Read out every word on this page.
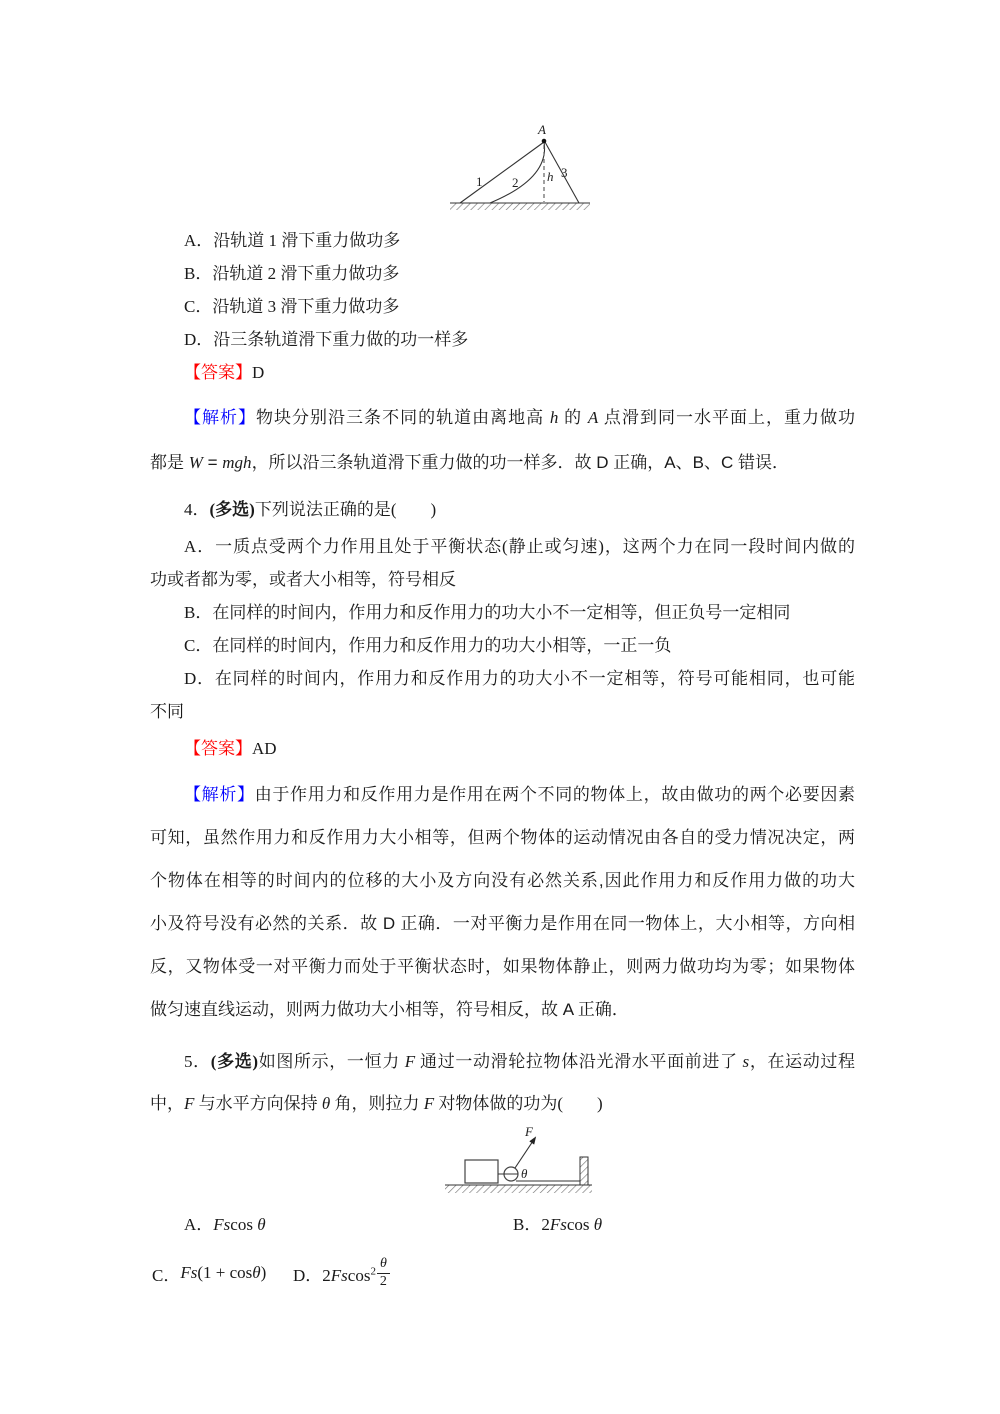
A
1 2
3
h
A．沿轨道 1 滑下重力做功多
B．沿轨道 2 滑下重力做功多
C．沿轨道 3 滑下重力做功多
D．沿三条轨道滑下重力做的功一样多
【答案】D
【解析】物块分别沿三条不同的轨道由离地高 h 的 A 点滑到同一水平面上，重力做功
都是 W = mgh，所以沿三条轨道滑下重力做的功一样多．故 D 正确，A、B、C 错误．
4．(多选)下列说法正确的是(　　)
A．一质点受两个力作用且处于平衡状态(静止或匀速)，这两个力在同一段时间内做的
功或者都为零，或者大小相等，符号相反
B．在同样的时间内，作用力和反作用力的功大小不一定相等，但正负号一定相同
C．在同样的时间内，作用力和反作用力的功大小相等，一正一负
D．在同样的时间内，作用力和反作用力的功大小不一定相等，符号可能相同，也可能
不同
【答案】AD
【解析】由于作用力和反作用力是作用在两个不同的物体上，故由做功的两个必要因素
可知，虽然作用力和反作用力大小相等，但两个物体的运动情况由各自的受力情况决定，两
个物体在相等的时间内的位移的大小及方向没有必然关系,因此作用力和反作用力做的功大
小及符号没有必然的关系．故 D 正确．一对平衡力是作用在同一物体上，大小相等，方向相
反，又物体受一对平衡力而处于平衡状态时，如果物体静止，则两力做功均为零；如果物体
做匀速直线运动，则两力做功大小相等，符号相反，故 A 正确．
5．(多选)如图所示，一恒力 F 通过一动滑轮拉物体沿光滑水平面前进了 s，在运动过程
中，F 与水平方向保持 θ 角，则拉力 F 对物体做的功为(　　)
F
θ
A．Fscos θ	B．2Fscos θ
C． Fs (1 + cos θ ) D．$2Fscos^2 \frac{\theta}{2}$
